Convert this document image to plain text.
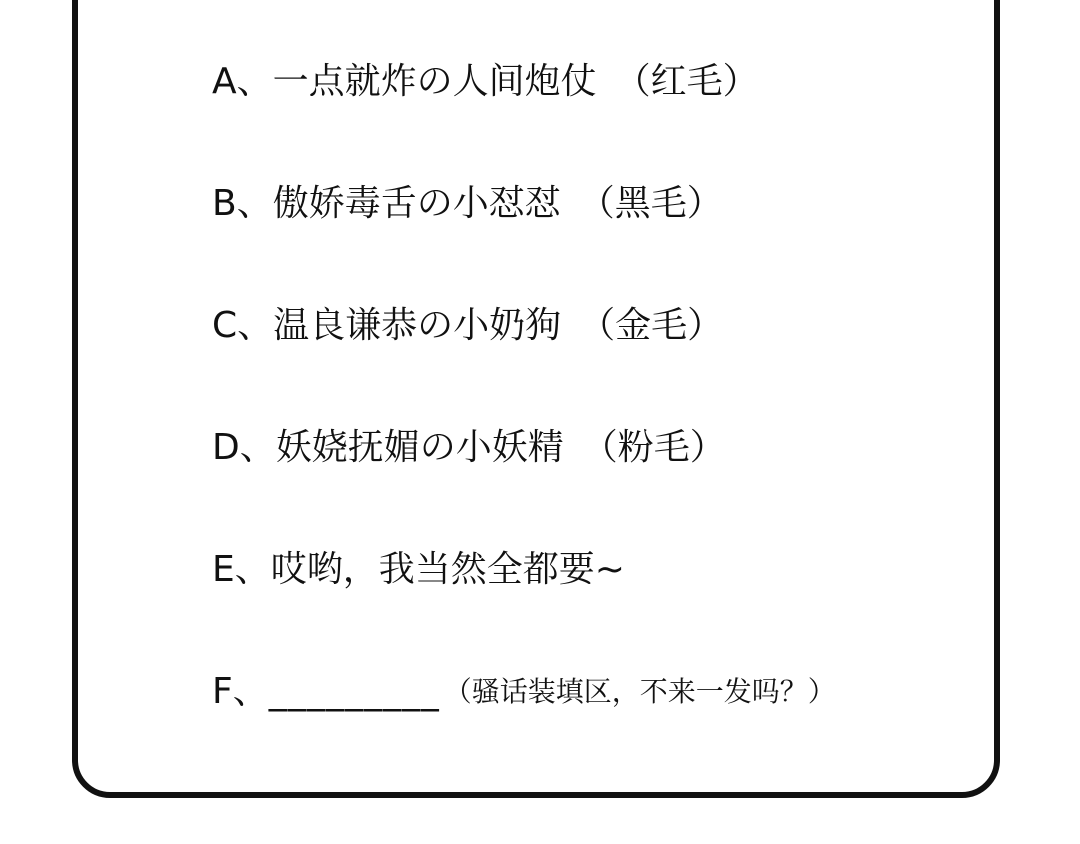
A、一点就炸の人间炮仗 （红毛）
B、傲娇毒舌の小怼怼 （黑毛）
C、温良谦恭の小奶狗 （金毛）
D、妖娆抚媚の小妖精 （粉毛）
E、哎哟，我当然全都要~
F、_________ （骚话装填区，不来一发吗？）
